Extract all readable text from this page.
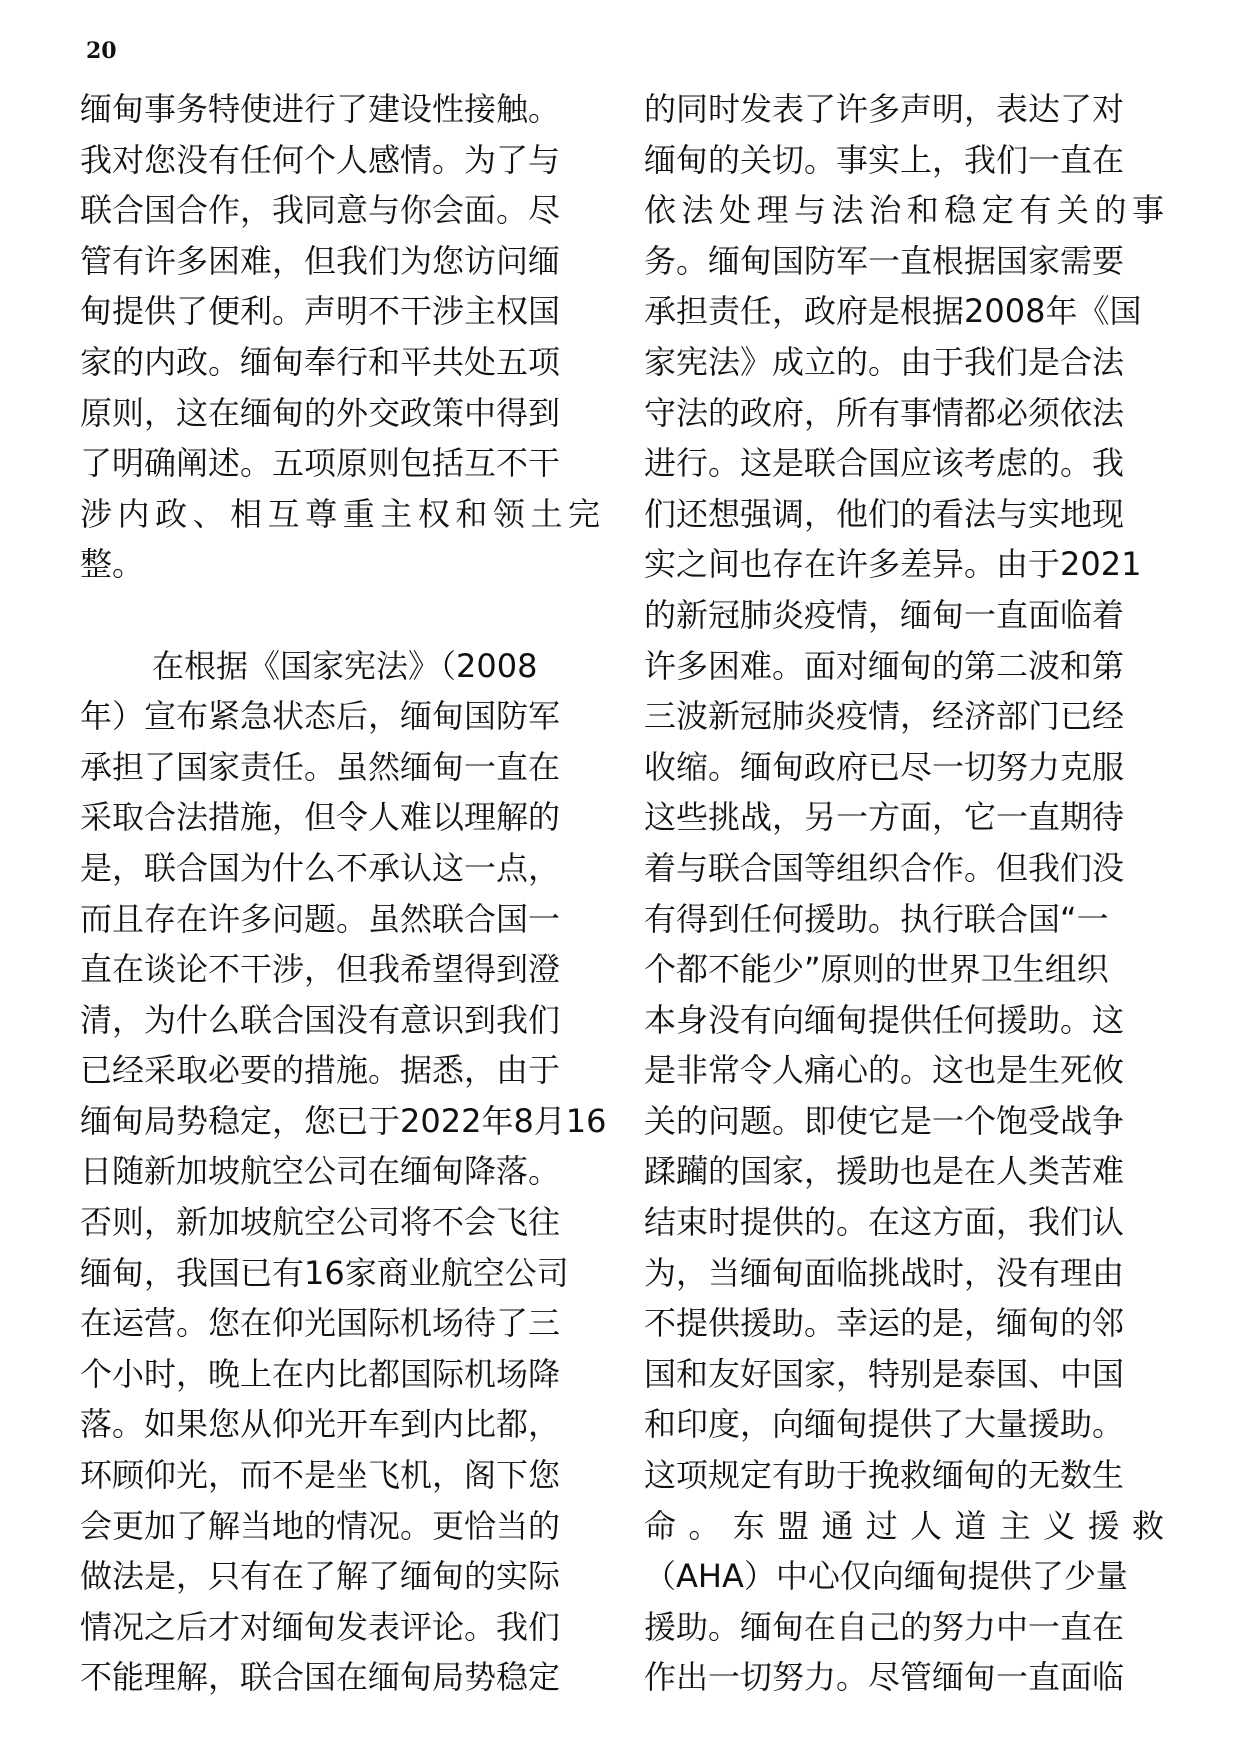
20
缅甸事务特使进行了建设性接触。
我对您没有任何个人感情。为了与
联合国合作，我同意与你会面。尽
管有许多困难，但我们为您访问缅
甸提供了便利。声明不干涉主权国
家的内政。缅甸奉行和平共处五项
原则，这在缅甸的外交政策中得到
了明确阐述。五项原则包括互不干
涉内政、相互尊重主权和领土完
整。
在根据《国家宪法》（2008
年）宣布紧急状态后，缅甸国防军
承担了国家责任。虽然缅甸一直在
采取合法措施，但令人难以理解的
是，联合国为什么不承认这一点，
而且存在许多问题。虽然联合国一
直在谈论不干涉，但我希望得到澄
清，为什么联合国没有意识到我们
已经采取必要的措施。据悉，由于
缅甸局势稳定，您已于2022年8月16
日随新加坡航空公司在缅甸降落。
否则，新加坡航空公司将不会飞往
缅甸，我国已有16家商业航空公司
在运营。您在仰光国际机场待了三
个小时，晚上在内比都国际机场降
落。如果您从仰光开车到内比都，
环顾仰光，而不是坐飞机，阁下您
会更加了解当地的情况。更恰当的
做法是，只有在了解了缅甸的实际
情况之后才对缅甸发表评论。我们
不能理解，联合国在缅甸局势稳定
的同时发表了许多声明，表达了对
缅甸的关切。事实上，我们一直在
依法处理与法治和稳定有关的事
务。缅甸国防军一直根据国家需要
承担责任，政府是根据2008年《国
家宪法》成立的。由于我们是合法
守法的政府，所有事情都必须依法
进行。这是联合国应该考虑的。我
们还想强调，他们的看法与实地现
实之间也存在许多差异。由于2021
的新冠肺炎疫情，缅甸一直面临着
许多困难。面对缅甸的第二波和第
三波新冠肺炎疫情，经济部门已经
收缩。缅甸政府已尽一切努力克服
这些挑战，另一方面，它一直期待
着与联合国等组织合作。但我们没
有得到任何援助。执行联合国“一
个都不能少”原则的世界卫生组织
本身没有向缅甸提供任何援助。这
是非常令人痛心的。这也是生死攸
关的问题。即使它是一个饱受战争
蹂躏的国家，援助也是在人类苦难
结束时提供的。在这方面，我们认
为，当缅甸面临挑战时，没有理由
不提供援助。幸运的是，缅甸的邻
国和友好国家，特别是泰国、中国
和印度，向缅甸提供了大量援助。
这项规定有助于挽救缅甸的无数生
命。东盟通过人道主义援救
（AHA）中心仅向缅甸提供了少量
援助。缅甸在自己的努力中一直在
作出一切努力。尽管缅甸一直面临
